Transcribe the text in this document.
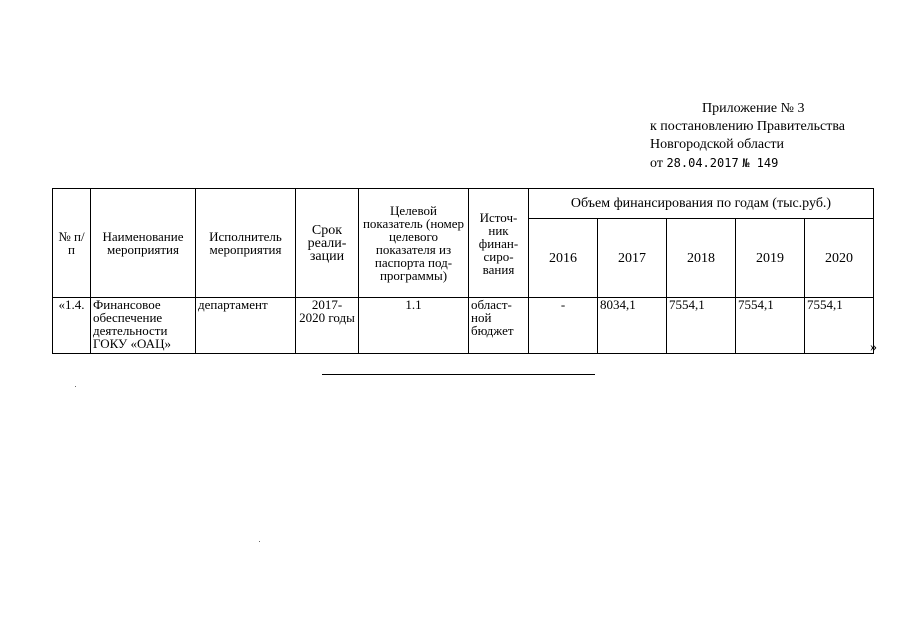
Приложение № 3
к постановлению Правительства
Новгородской области
от 28.04.2017 № 149
№ п/п	Наименование мероприятия	Исполнитель мероприятия	Срок реали- зации	Целевой показатель (номер целевого показателя из паспорта под- программы)	Источ- ник финан- сиро- вания	Объем финансирования по годам (тыс.руб.)				
						2016	2017	2018	2019	2020
«1.4.	Финансовое обеспечение деятельности ГОКУ «ОАЦ»	департамент	2017- 2020 годы	1.1	област- ной бюджет	-	8034,1	7554,1	7554,1	7554,1
»
